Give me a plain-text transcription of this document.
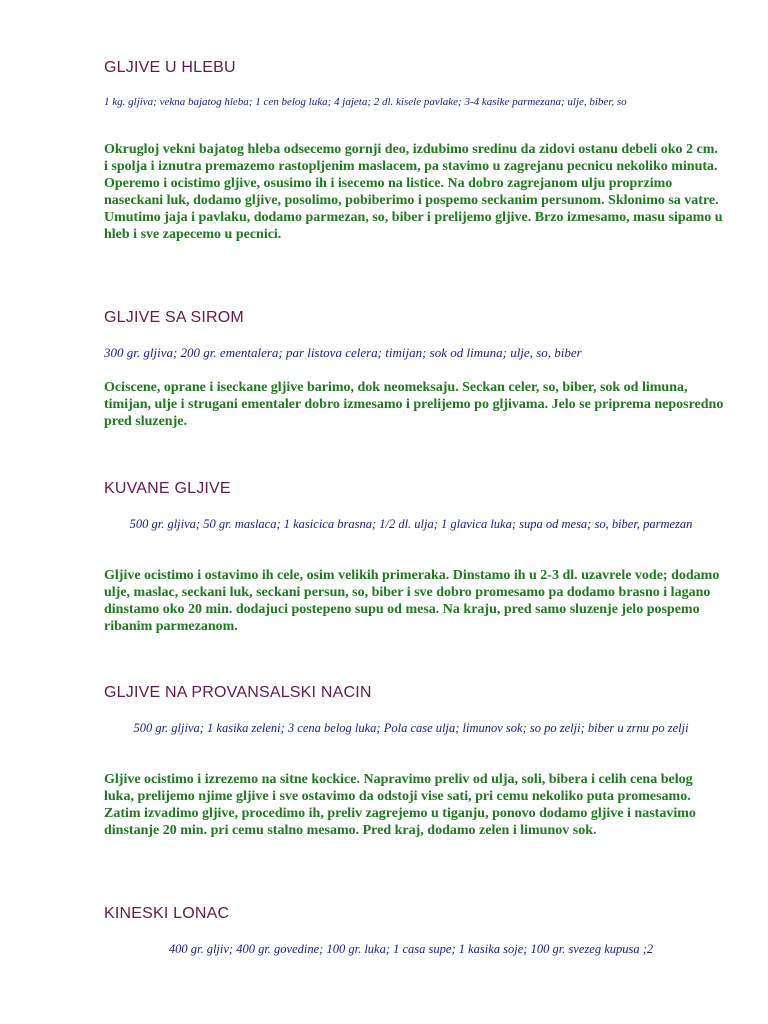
GLJIVE U HLEBU

1 kg. gljiva; vekna bajatog hleba; 1 cen belog luka; 4 jajeta; 2 dl. kisele pavlake; 3-4 kasike parmezana; ulje, biber, so

Okrugloj vekni bajatog hleba odsecemo gornji deo, izdubimo sredinu da zidovi ostanu debeli oko 2 cm. i spolja i iznutra premazemo rastopljenim maslacem, pa stavimo u zagrejanu pecnicu nekoliko minuta. Operemo i ocistimo gljive, osusimo ih i isecemo na listice. Na dobro zagrejanom ulju proprzimo naseckani luk, dodamo gljive, posolimo, pobiberimo i pospemo seckanim persunom. Sklonimo sa vatre. Umutimo jaja i pavlaku, dodamo parmezan, so, biber i prelijemo gljive. Brzo izmesamo, masu sipamo u hleb i sve zapecemo u pecnici.

GLJIVE SA SIROM

300 gr. gljiva; 200 gr. ementalera; par listova celera; timijan; sok od limuna; ulje, so, biber

Ociscene, oprane i iseckane gljive barimo, dok neomeksaju. Seckan celer, so, biber, sok od limuna, timijan, ulje i strugani ementaler dobro izmesamo i prelijemo po gljivama. Jelo se priprema neposredno pred sluzenje.

KUVANE GLJIVE

500 gr. gljiva; 50 gr. maslaca; 1 kasicica brasna; 1/2 dl. ulja; 1 glavica luka; supa od mesa; so, biber, parmezan

Gljive ocistimo i ostavimo ih cele, osim velikih primeraka. Dinstamo ih u 2-3 dl. uzavrele vode; dodamo ulje, maslac, seckani luk, seckani persun, so, biber i sve dobro promesamo pa dodamo brasno i lagano dinstamo oko 20 min. dodajuci postepeno supu od mesa. Na kraju, pred samo sluzenje jelo pospemo ribanim parmezanom.

GLJIVE NA PROVANSALSKI NACIN

500 gr. gljiva; 1 kasika zeleni; 3 cena belog luka; Pola case ulja; limunov sok; so po zelji; biber u zrnu po zelji

Gljive ocistimo i izrezemo na sitne kockice. Napravimo preliv od ulja, soli, bibera i celih cena belog luka, prelijemo njime gljive i sve ostavimo da odstoji vise sati, pri cemu nekoliko puta promesamo. Zatim izvadimo gljive, procedimo ih, preliv zagrejemo u tiganju, ponovo dodamo gljive i nastavimo dinstanje 20 min. pri cemu stalno mesamo. Pred kraj, dodamo zelen i limunov sok.

KINESKI LONAC

400 gr. gljiv; 400 gr. govedine; 100 gr. luka; 1 casa supe; 1 kasika soje; 100 gr. svezeg kupusa ;2
